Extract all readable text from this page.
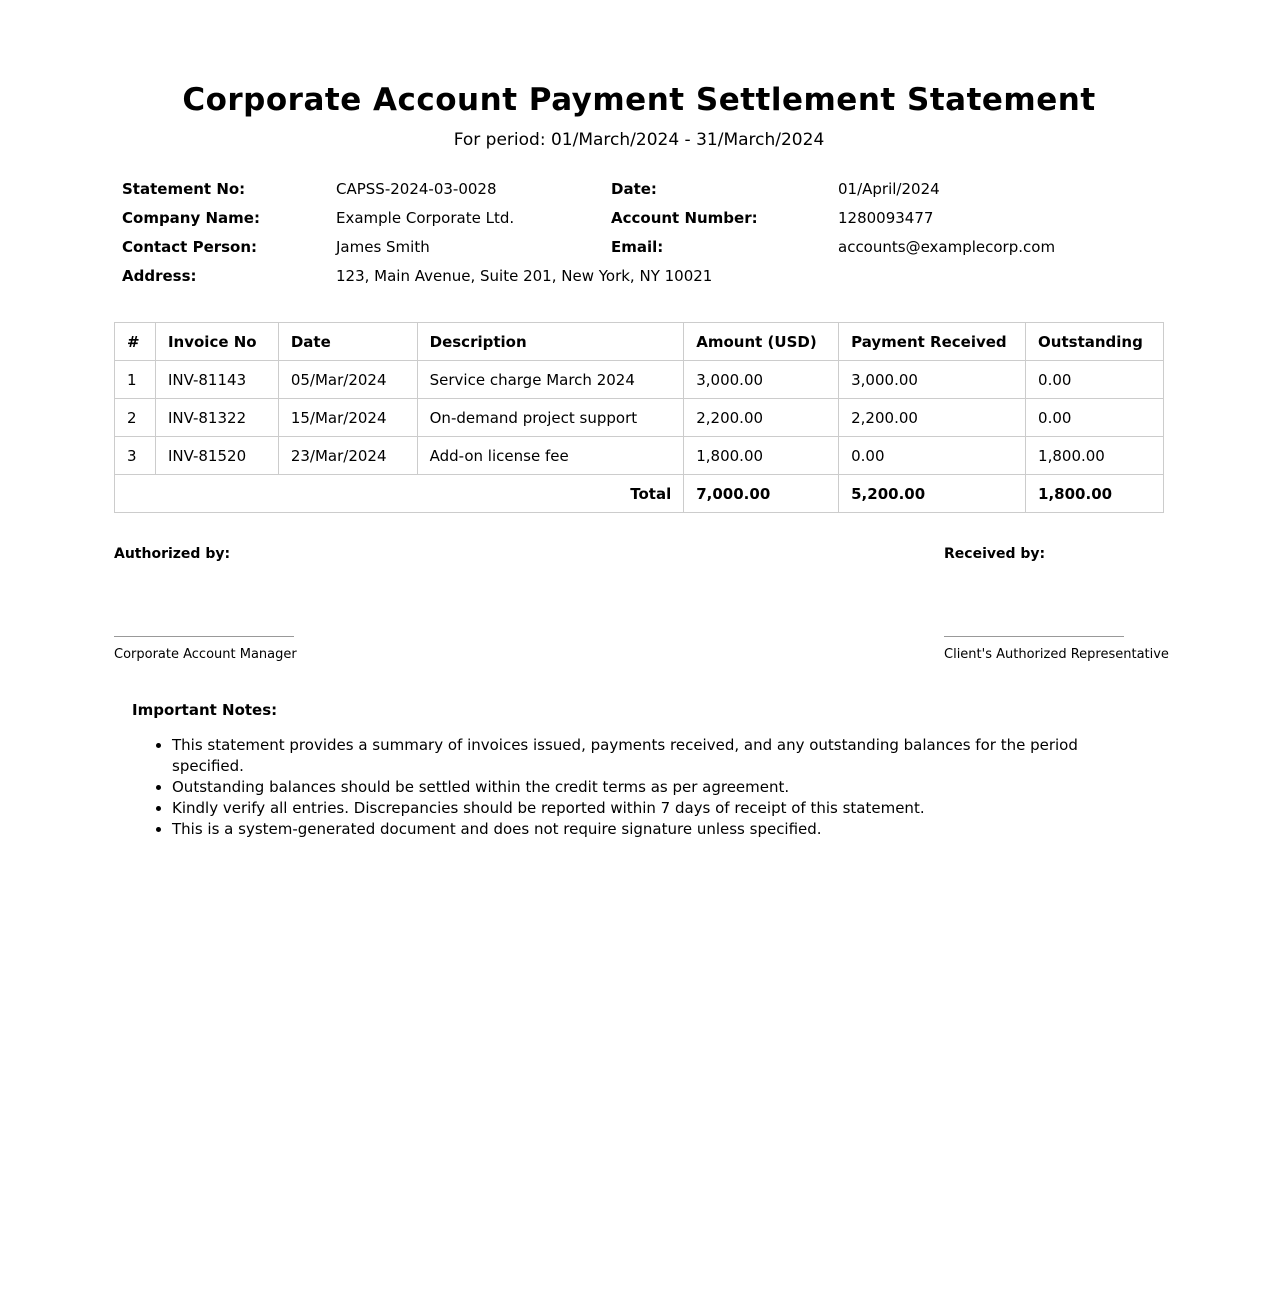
Corporate Account Payment Settlement Statement
For period: 01/March/2024 - 31/March/2024
Statement No:	CAPSS-2024-03-0028	Date:	01/April/2024
Company Name:	Example Corporate Ltd.	Account Number:	1280093477
Contact Person:	James Smith	Email:	accounts@examplecorp.com
Address:	123, Main Avenue, Suite 201, New York, NY 10021
#	Invoice No	Date	Description	Amount (USD)	Payment Received	Outstanding
1	INV-81143	05/Mar/2024	Service charge March 2024	3,000.00	3,000.00	0.00
2	INV-81322	15/Mar/2024	On-demand project support	2,200.00	2,200.00	0.00
3	INV-81520	23/Mar/2024	Add-on license fee	1,800.00	0.00	1,800.00
Total				7,000.00	5,200.00	1,800.00
Authorized by:
Corporate Account Manager
Received by:
Client's Authorized Representative
Important Notes:
• This statement provides a summary of invoices issued, payments received, and any outstanding balances for the period specified.
• Outstanding balances should be settled within the credit terms as per agreement.
• Kindly verify all entries. Discrepancies should be reported within 7 days of receipt of this statement.
• This is a system-generated document and does not require signature unless specified.
